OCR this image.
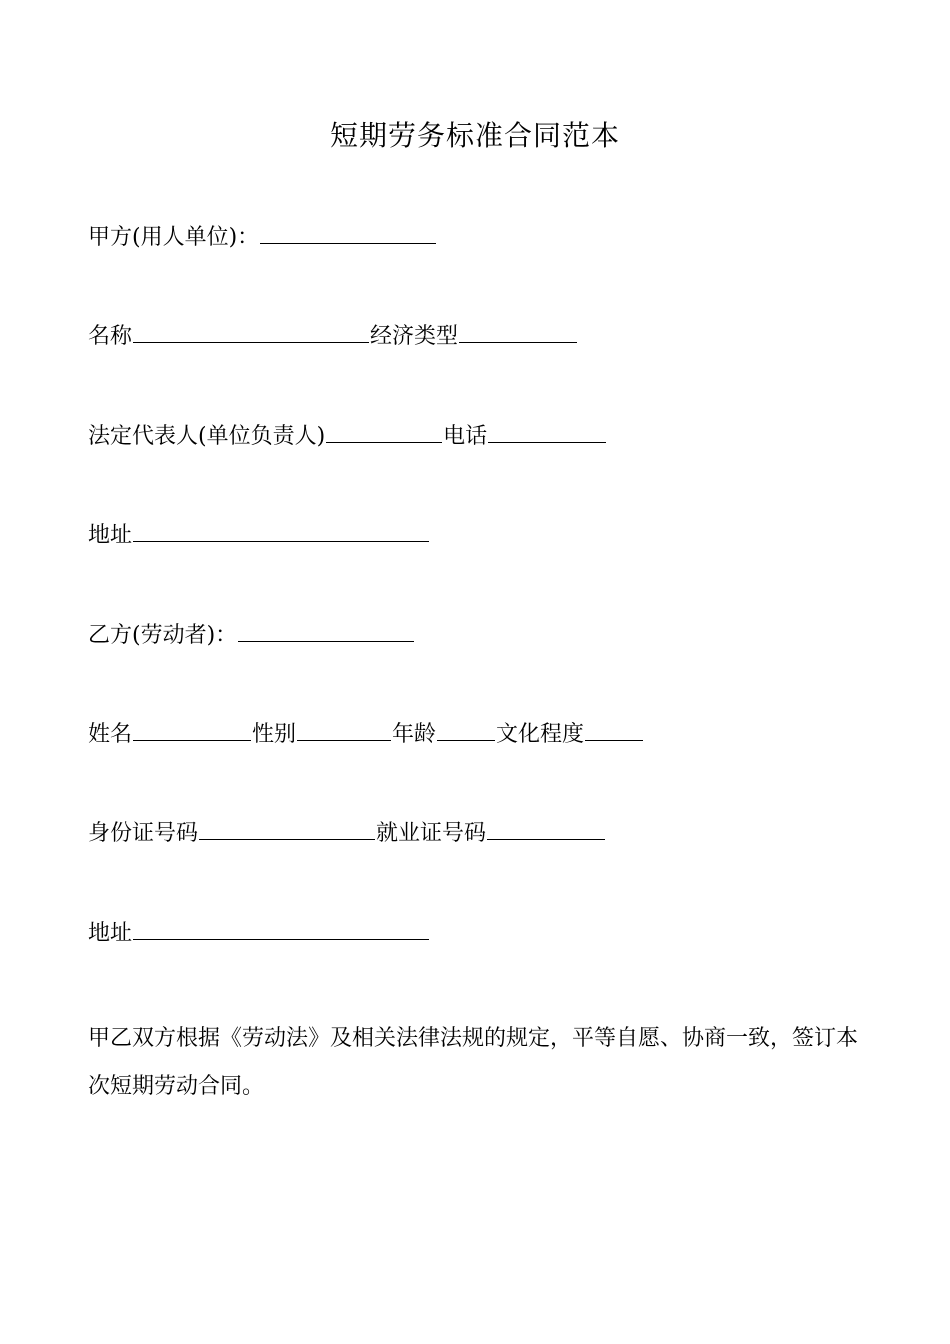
短期劳务标准合同范本
甲方(用人单位)：
名称	经济类型
法定代表人(单位负责人)	电话
地址
乙方(劳动者)：
姓名	性别	年龄	文化程度
身份证号码	就业证号码
地址
甲乙双方根据《劳动法》及相关法律法规的规定，平等自愿、协商一致，签订本次短期劳动合同。
